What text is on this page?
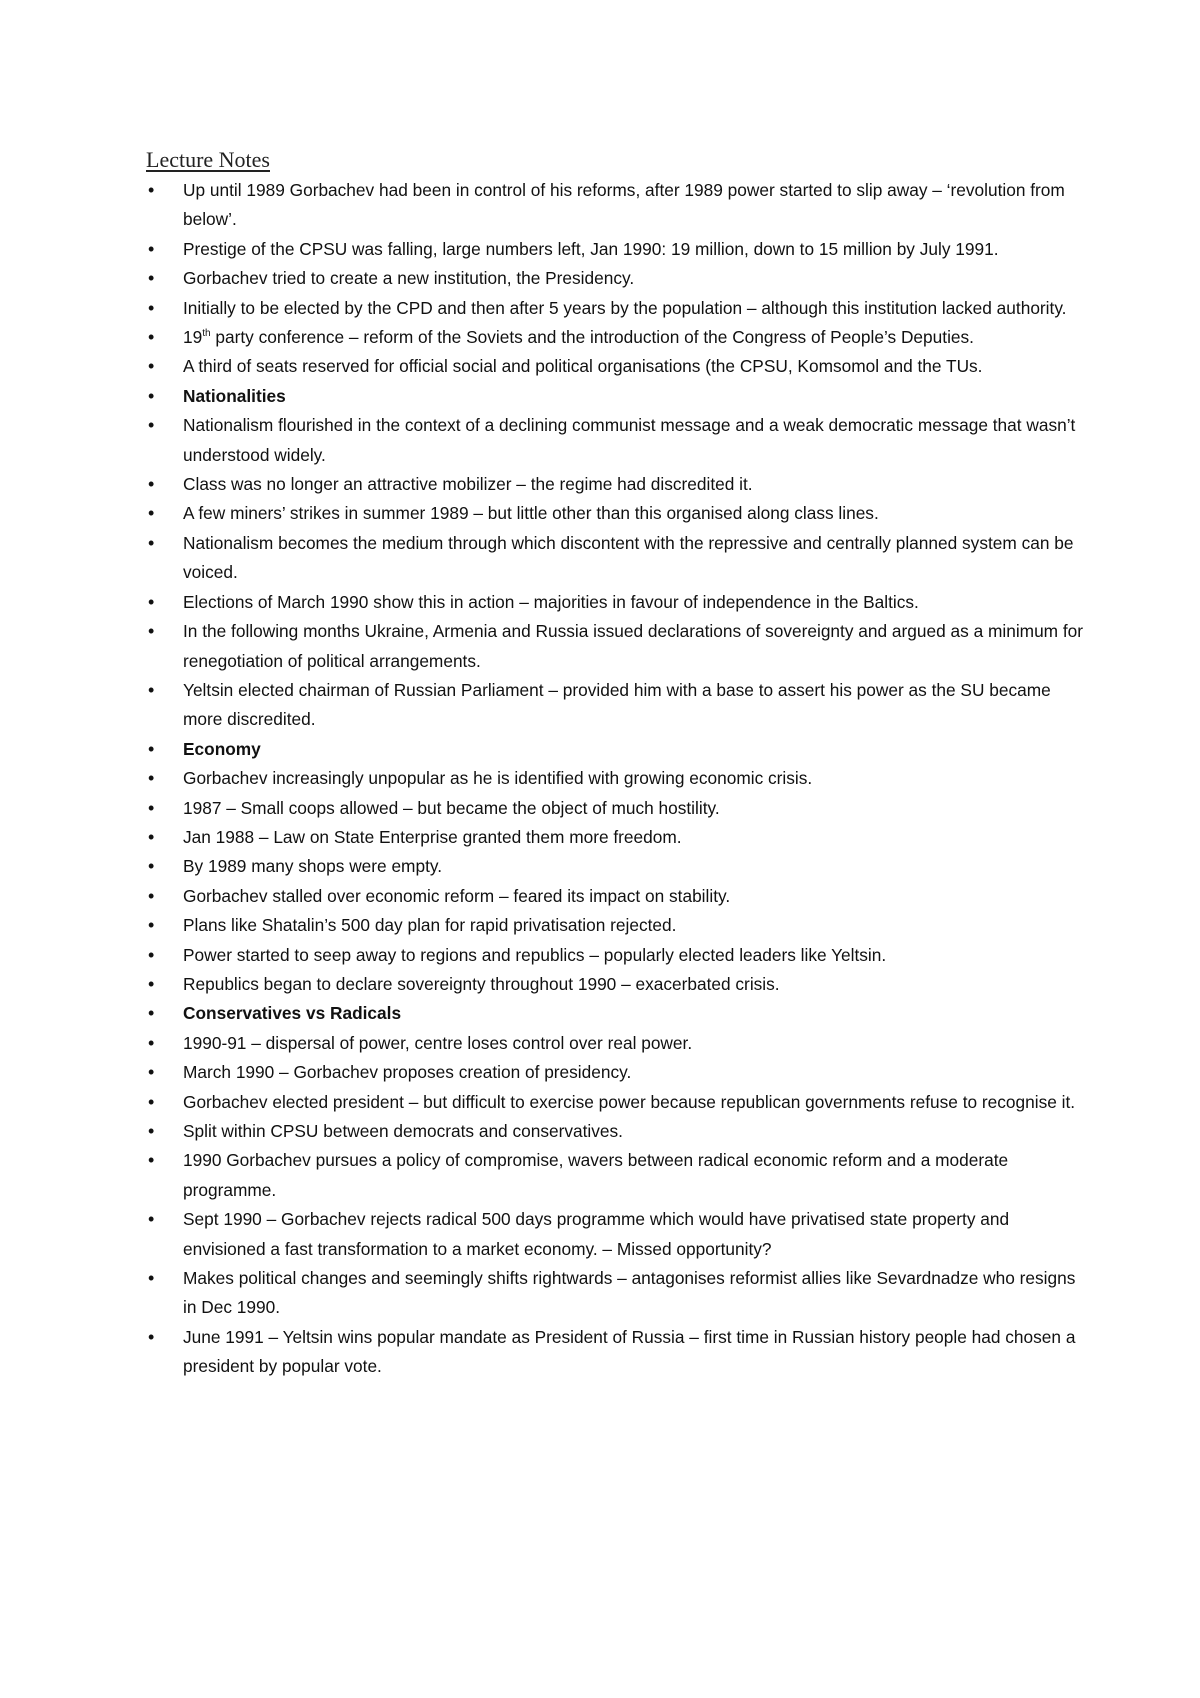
Lecture Notes
• Up until 1989 Gorbachev had been in control of his reforms, after 1989 power started to slip away – ‘revolution from below’.
• Prestige of the CPSU was falling, large numbers left, Jan 1990: 19 million, down to 15 million by July 1991.
• Gorbachev tried to create a new institution, the Presidency.
• Initially to be elected by the CPD and then after 5 years by the population – although this institution lacked authority.
• 19th party conference – reform of the Soviets and the introduction of the Congress of People’s Deputies.
• A third of seats reserved for official social and political organisations (the CPSU, Komsomol and the TUs.
• Nationalities
• Nationalism flourished in the context of a declining communist message and a weak democratic message that wasn’t understood widely.
• Class was no longer an attractive mobilizer – the regime had discredited it.
• A few miners’ strikes in summer 1989 – but little other than this organised along class lines.
• Nationalism becomes the medium through which discontent with the repressive and centrally planned system can be voiced.
• Elections of March 1990 show this in action – majorities in favour of independence in the Baltics.
• In the following months Ukraine, Armenia and Russia issued declarations of sovereignty and argued as a minimum for renegotiation of political arrangements.
• Yeltsin elected chairman of Russian Parliament – provided him with a base to assert his power as the SU became more discredited.
• Economy
• Gorbachev increasingly unpopular as he is identified with growing economic crisis.
• 1987 – Small coops allowed – but became the object of much hostility.
• Jan 1988 – Law on State Enterprise granted them more freedom.
• By 1989 many shops were empty.
• Gorbachev stalled over economic reform – feared its impact on stability.
• Plans like Shatalin’s 500 day plan for rapid privatisation rejected.
• Power started to seep away to regions and republics – popularly elected leaders like Yeltsin.
• Republics began to declare sovereignty throughout 1990 – exacerbated crisis.
• Conservatives vs Radicals
• 1990-91 – dispersal of power, centre loses control over real power.
• March 1990 – Gorbachev proposes creation of presidency.
• Gorbachev elected president – but difficult to exercise power because republican governments refuse to recognise it.
• Split within CPSU between democrats and conservatives.
• 1990 Gorbachev pursues a policy of compromise, wavers between radical economic reform and a moderate programme.
• Sept 1990 – Gorbachev rejects radical 500 days programme which would have privatised state property and envisioned a fast transformation to a market economy. – Missed opportunity?
• Makes political changes and seemingly shifts rightwards – antagonises reformist allies like Sevardnadze who resigns in Dec 1990.
• June 1991 – Yeltsin wins popular mandate as President of Russia – first time in Russian history people had chosen a president by popular vote.
